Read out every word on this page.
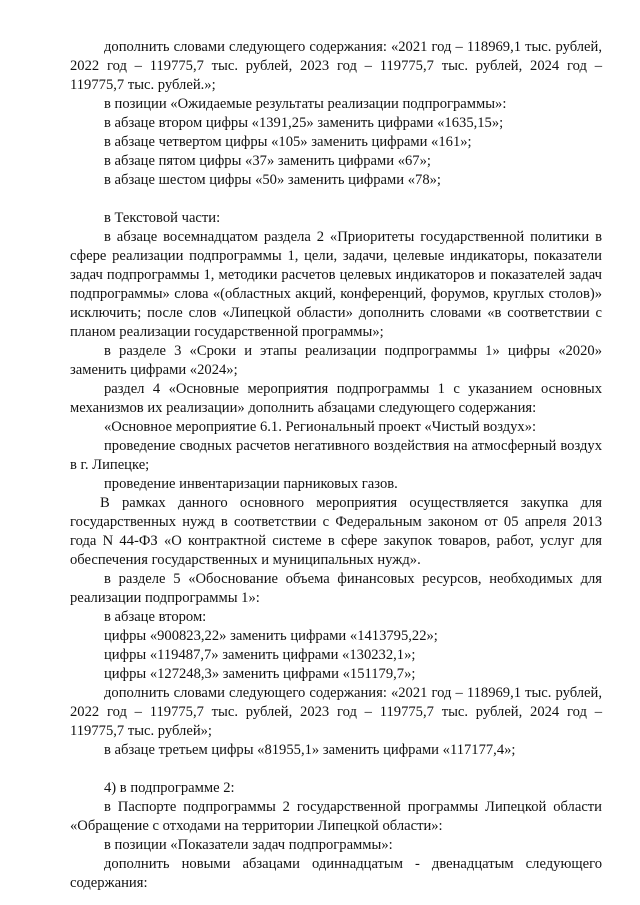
дополнить словами следующего содержания: «2021 год – 118969,1 тыс. рублей, 2022 год – 119775,7 тыс. рублей, 2023 год – 119775,7 тыс. рублей, 2024 год – 119775,7 тыс. рублей.»;

в позиции «Ожидаемые результаты реализации подпрограммы»:

в абзаце втором цифры «1391,25» заменить цифрами «1635,15»;

в абзаце четвертом цифры «105» заменить цифрами «161»;

в абзаце пятом цифры «37» заменить цифрами «67»;

в абзаце шестом цифры «50» заменить цифрами «78»;

в Текстовой части:

в абзаце восемнадцатом раздела 2 «Приоритеты государственной политики в сфере реализации подпрограммы 1, цели, задачи, целевые индикаторы, показатели задач подпрограммы 1, методики расчетов целевых индикаторов и показателей задач подпрограммы» слова «(областных акций, конференций, форумов, круглых столов)» исключить; после слов «Липецкой области» дополнить словами «в соответствии с планом реализации государственной программы»;

в разделе 3 «Сроки и этапы реализации подпрограммы 1» цифры «2020» заменить цифрами «2024»;

раздел 4 «Основные мероприятия подпрограммы 1 с указанием основных механизмов их реализации» дополнить абзацами следующего содержания:

«Основное мероприятие 6.1. Региональный проект «Чистый воздух»:

проведение сводных расчетов негативного воздействия на атмосферный воздух в г. Липецке;

проведение инвентаризации парниковых газов.

В рамках данного основного мероприятия осуществляется закупка для государственных нужд в соответствии с Федеральным законом от 05 апреля 2013 года N 44-ФЗ «О контрактной системе в сфере закупок товаров, работ, услуг для обеспечения государственных и муниципальных нужд».

в разделе 5 «Обоснование объема финансовых ресурсов, необходимых для реализации подпрограммы 1»:

в абзаце втором:

цифры «900823,22» заменить цифрами «1413795,22»;

цифры «119487,7» заменить цифрами «130232,1»;

цифры «127248,3» заменить цифрами «151179,7»;

дополнить словами следующего содержания: «2021 год – 118969,1 тыс. рублей, 2022 год – 119775,7 тыс. рублей, 2023 год – 119775,7 тыс. рублей, 2024 год – 119775,7 тыс. рублей»;

в абзаце третьем цифры «81955,1» заменить цифрами «117177,4»;

4) в подпрограмме 2:

в Паспорте подпрограммы 2 государственной программы Липецкой области «Обращение с отходами на территории Липецкой области»:

в позиции «Показатели задач подпрограммы»:

дополнить новыми абзацами одиннадцатым - двенадцатым следующего содержания:
